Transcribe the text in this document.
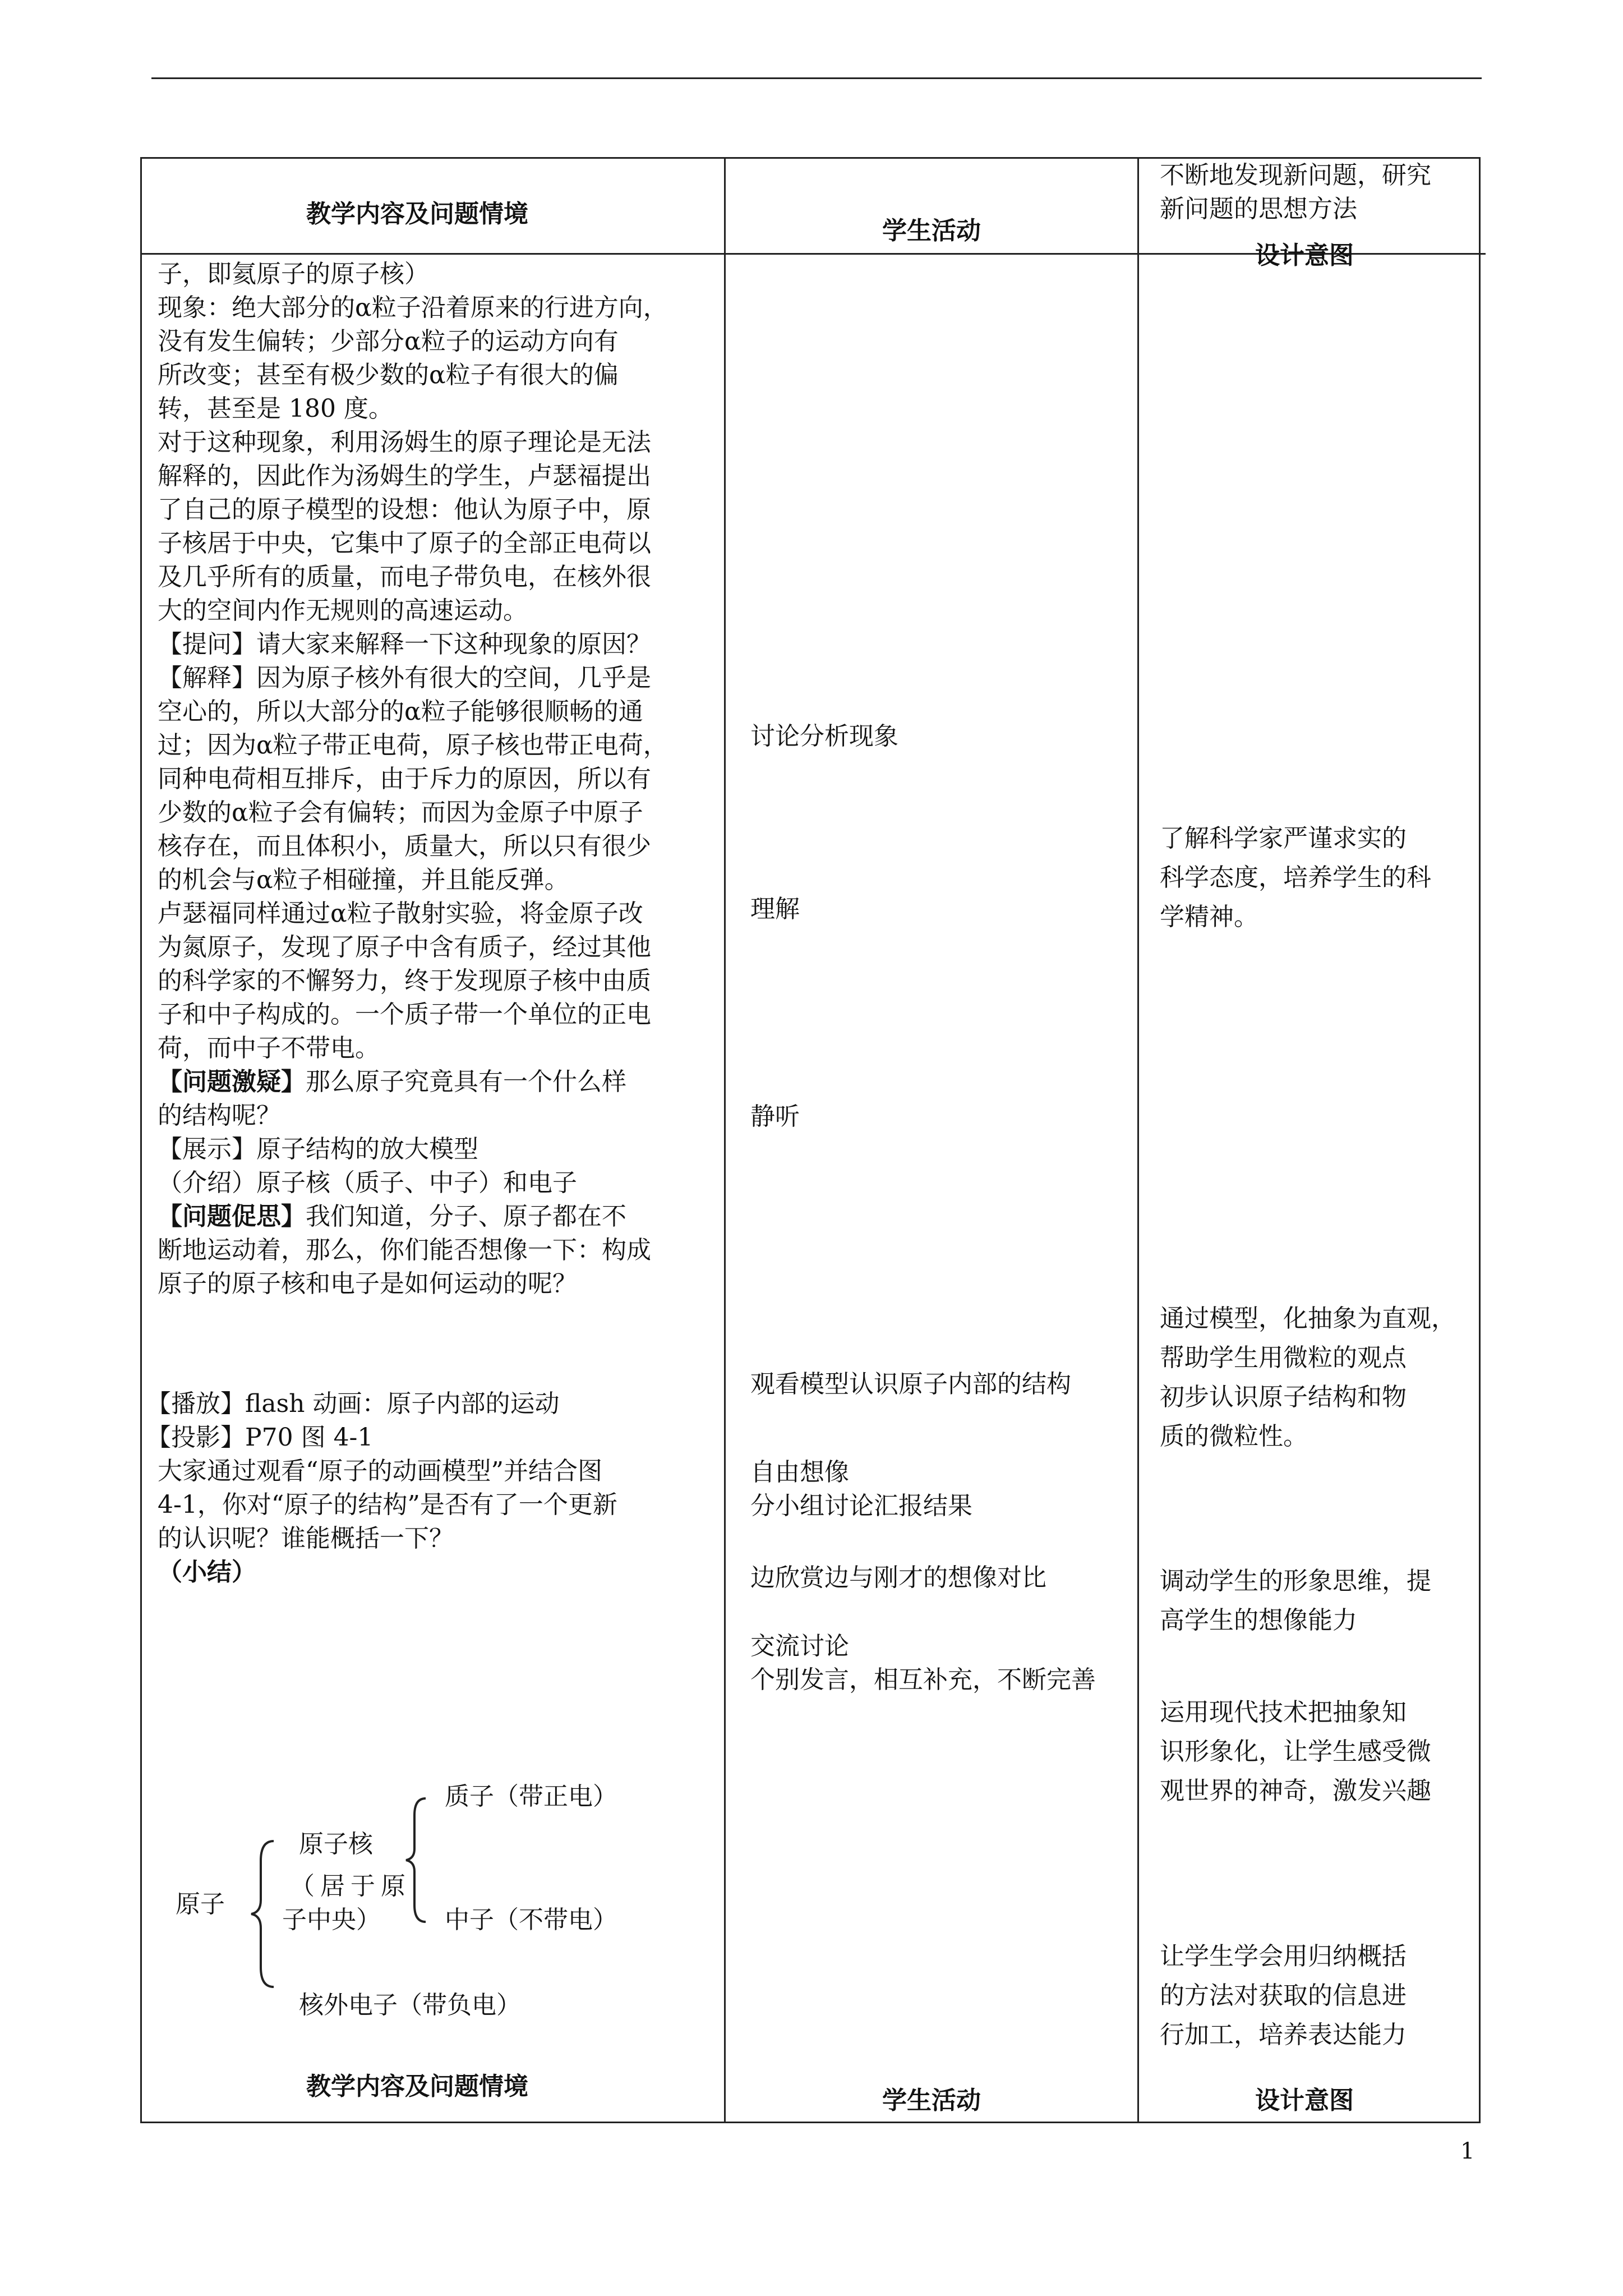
教学内容及问题情境
学生活动
不断地发现新问题，研究
新问题的思想方法
设计意图
子，即氦原子的原子核）
现象：绝大部分的α粒子沿着原来的行进方向，
没有发生偏转；少部分α粒子的运动方向有
所改变；甚至有极少数的α粒子有很大的偏
转，甚至是 180 度。
对于这种现象，利用汤姆生的原子理论是无法
解释的，因此作为汤姆生的学生，卢瑟福提出
了自己的原子模型的设想：他认为原子中，原
子核居于中央，它集中了原子的全部正电荷以
及几乎所有的质量，而电子带负电，在核外很
大的空间内作无规则的高速运动。
【提问】请大家来解释一下这种现象的原因？
【解释】因为原子核外有很大的空间，几乎是
空心的，所以大部分的α粒子能够很顺畅的通
过；因为α粒子带正电荷，原子核也带正电荷，
同种电荷相互排斥，由于斥力的原因，所以有
少数的α粒子会有偏转；而因为金原子中原子
核存在，而且体积小，质量大，所以只有很少
的机会与α粒子相碰撞，并且能反弹。
卢瑟福同样通过α粒子散射实验，将金原子改
为氮原子，发现了原子中含有质子，经过其他
的科学家的不懈努力，终于发现原子核中由质
子和中子构成的。一个质子带一个单位的正电
荷，而中子不带电。
【问题激疑】那么原子究竟具有一个什么样
的结构呢？
【展示】原子结构的放大模型
（介绍）原子核（质子、中子）和电子
【问题促思】我们知道，分子、原子都在不
断地运动着，那么，你们能否想像一下：构成
原子的原子核和电子是如何运动的呢？
【播放】flash 动画：原子内部的运动
【投影】P70 图 4-1
大家通过观看“原子的动画模型”并结合图
4-1，你对“原子的结构”是否有了一个更新
的认识呢？谁能概括一下？
（小结）
原子
原子核
（居于原
子中央）
质子（带正电）
中子（不带电）
核外电子（带负电）
讨论分析现象
理解
静听
观看模型认识原子内部的结构
自由想像
分小组讨论汇报结果
边欣赏边与刚才的想像对比
交流讨论
个别发言，相互补充，不断完善
了解科学家严谨求实的
科学态度，培养学生的科
学精神。
通过模型，化抽象为直观，
帮助学生用微粒的观点
初步认识原子结构和物
质的微粒性。
调动学生的形象思维，提
高学生的想像能力
运用现代技术把抽象知
识形象化，让学生感受微
观世界的神奇，激发兴趣
让学生学会用归纳概括
的方法对获取的信息进
行加工，培养表达能力
教学内容及问题情境	学生活动	设计意图
1
